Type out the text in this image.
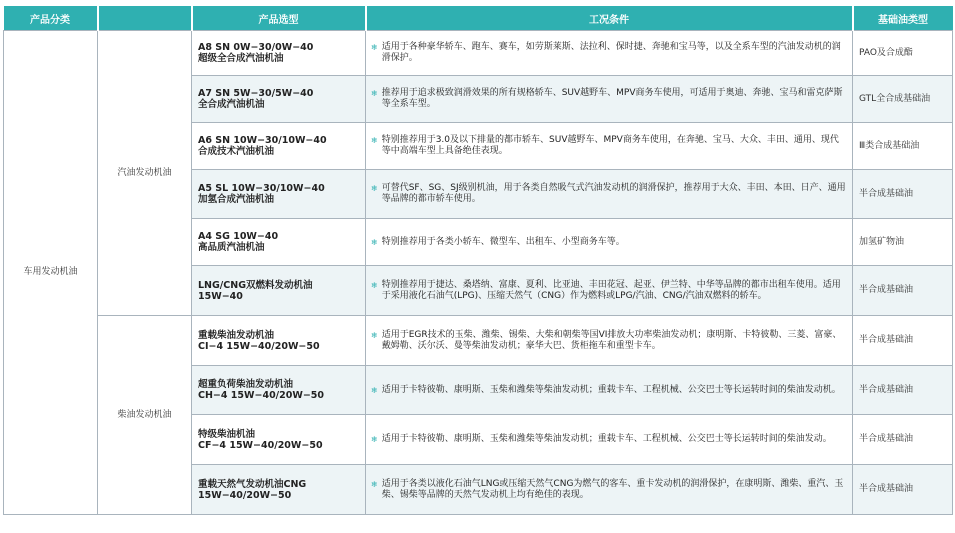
产品分类		产品选型	工况条件	基础油类型
车用发动机油	汽油发动机油	A8 SN 0W−30/0W−40
超级全合成汽油机油	❄ 适用于各种豪华轿车、跑车、赛车，如劳斯莱斯、法拉利、保时捷、奔驰和宝马等，以及全系车型的汽油发动机的润滑保护。	PAO及合成酯

		A7 SN 5W−30/5W−40
全合成汽油机油	❄ 推荐用于追求极致润滑效果的所有规格轿车、SUV越野车、MPV商务车使用，可适用于奥迪、奔驰、宝马和雷克萨斯等全系车型。	GTL全合成基础油

		A6 SN 10W−30/10W−40
合成技术汽油机油	❄ 特别推荐用于3.0及以下排量的都市轿车、SUV越野车、MPV商务车使用，在奔驰、宝马、大众、丰田、通用、现代等中高端车型上具备绝佳表现。	Ⅲ类合成基础油

		A5 SL 10W−30/10W−40
加氢合成汽油机油	❄ 可替代SF、SG、SJ级别机油，用于各类自然吸气式汽油发动机的润滑保护，推荐用于大众、丰田、本田、日产、通用等品牌的都市轿车使用。	半合成基础油

		A4 SG 10W−40
高品质汽油机油	❄ 特别推荐用于各类小轿车、微型车、出租车、小型商务车等。	加氢矿物油

		LNG/CNG双燃料发动机油
15W−40	❄ 特别推荐用于捷达、桑塔纳、富康、夏利、比亚迪、丰田花冠、起亚、伊兰特、中华等品牌的都市出租车使用。适用于采用液化石油气(LPG)、压缩天然气（CNG）作为燃料或LPG/汽油、CNG/汽油双燃料的轿车。	半合成基础油
	柴油发动机油	重载柴油发动机油
CI−4 15W−40/20W−50	❄ 适用于EGR技术的玉柴、潍柴、锡柴、大柴和朝柴等国VI排放大功率柴油发动机；康明斯、卡特彼勒、三菱、富豪、戴姆勒、沃尔沃、曼等柴油发动机；豪华大巴、货柜拖车和重型卡车。	半合成基础油

		超重负荷柴油发动机油
CH−4 15W−40/20W−50	❄ 适用于卡特彼勒、康明斯、玉柴和潍柴等柴油发动机；重载卡车、工程机械、公交巴士等长运转时间的柴油发动机。	半合成基础油

		特级柴油机油
CF−4 15W−40/20W−50	❄ 适用于卡特彼勒、康明斯、玉柴和潍柴等柴油发动机；重载卡车、工程机械、公交巴士等长运转时间的柴油发动。	半合成基础油

		重载天然气发动机油CNG
15W−40/20W−50	❄ 适用于各类以液化石油气LNG或压缩天然气CNG为燃气的客车、重卡发动机的润滑保护，在康明斯、潍柴、重汽、玉柴、锡柴等品牌的天然气发动机上均有绝佳的表现。	半合成基础油
